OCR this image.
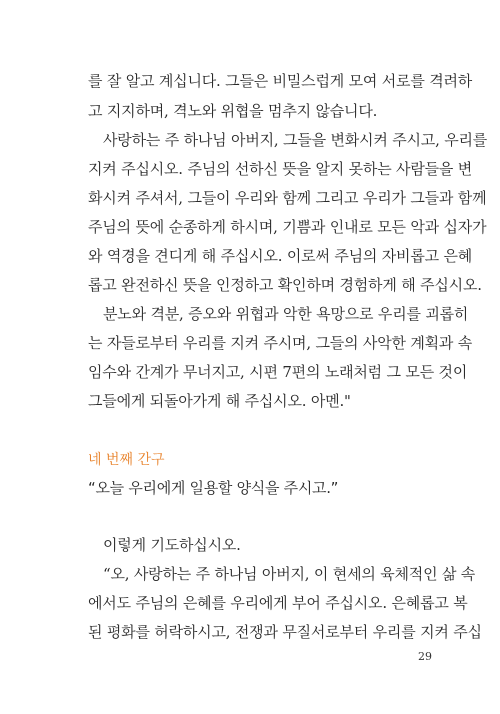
를 잘 알고 계십니다. 그들은 비밀스럽게 모여 서로를 격려하
고 지지하며, 격노와 위협을 멈추지 않습니다.
사랑하는 주 하나님 아버지, 그들을 변화시켜 주시고, 우리를
지켜 주십시오. 주님의 선하신 뜻을 알지 못하는 사람들을 변
화시켜 주셔서, 그들이 우리와 함께 그리고 우리가 그들과 함께
주님의 뜻에 순종하게 하시며, 기쁨과 인내로 모든 악과 십자가
와 역경을 견디게 해 주십시오. 이로써 주님의 자비롭고 은혜
롭고 완전하신 뜻을 인정하고 확인하며 경험하게 해 주십시오.
분노와 격분, 증오와 위협과 악한 욕망으로 우리를 괴롭히
는 자들로부터 우리를 지켜 주시며, 그들의 사악한 계획과 속
임수와 간계가 무너지고, 시편 7편의 노래처럼 그 모든 것이
그들에게 되돌아가게 해 주십시오. 아멘."
네 번째 간구
“오늘 우리에게 일용할 양식을 주시고.”
이렇게 기도하십시오.
“오, 사랑하는 주 하나님 아버지, 이 현세의 육체적인 삶 속
에서도 주님의 은혜를 우리에게 부어 주십시오. 은혜롭고 복
된 평화를 허락하시고, 전쟁과 무질서로부터 우리를 지켜 주십
29
